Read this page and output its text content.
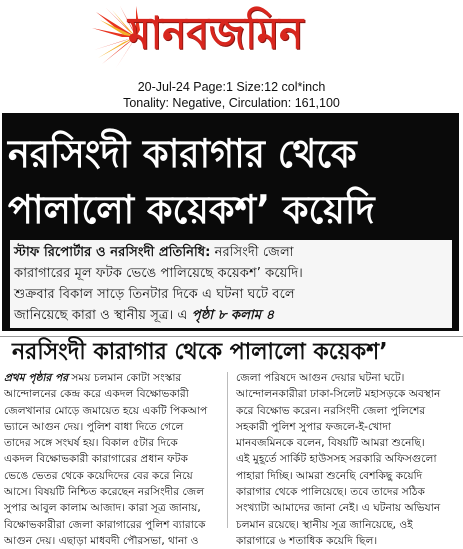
মানবজমিন
20-Jul-24 Page:1 Size:12 col*inch
Tonality: Negative, Circulation: 161,100
নরসিংদী কারাগার থেকে
পালালো কয়েকশ’ কয়েদি
স্টাফ রিপোর্টার ও নরসিংদী প্রতিনিধি: নরসিংদী জেলা
কারাগারের মূল ফটক ভেঙে পালিয়েছে কয়েকশ’ কয়েদি।
শুক্রবার বিকাল সাড়ে তিনটার দিকে এ ঘটনা ঘটে বলে
জানিয়েছে কারা ও স্থানীয় সূত্র। এ পৃষ্ঠা ৮ কলাম ৪
নরসিংদী কারাগার থেকে পালালো কয়েকশ’
প্রথম পৃষ্ঠার পর সময় চলমান কোটা সংস্কার
আন্দোলনের কেন্দ্র করে একদল বিক্ষোভকারী
জেলখানার মোড়ে জমায়েত হয়ে একটি পিকআপ
ভ্যানে আগুন দেয়। পুলিশ বাধা দিতে গেলে
তাদের সঙ্গে সংঘর্ষ হয়। বিকাল ৫টার দিকে
একদল বিক্ষোভকারী কারাগারের প্রধান ফটক
ভেঙে ভেতর থেকে কয়েদিদের বের করে নিয়ে
আসে। বিষয়টি নিশ্চিত করেছেন নরসিংদীর জেল
সুপার আবুল কালাম আজাদ। কারা সূত্র জানায়,
বিক্ষোভকারীরা জেলা কারাগারের পুলিশ ব্যারাকে
আগুন দেয়। এছাড়া মাধবদী পৌরসভা, থানা ও
জেলা পরিষদে আগুন দেয়ার ঘটনা ঘটে।
আন্দোলনকারীরা ঢাকা-সিলেট মহাসড়কে অবস্থান
করে বিক্ষোভ করেন। নরসিংদী জেলা পুলিশের
সহকারী পুলিশ সুপার ফজলে-ই-খোদা
মানবজমিনকে বলেন, বিষয়টি আমরা শুনেছি।
এই মুহূর্তে সার্কিট হাউসসহ সরকারি অফিসগুলো
পাহারা দিচ্ছি। আমরা শুনেছি বেশকিছু কয়েদি
কারাগার থেকে পালিয়েছে। তবে তাদের সঠিক
সংখ্যাটা আমাদের জানা নেই। এ ঘটনায় অভিযান
চলমান রয়েছে। স্থানীয় সূত্র জানিয়েছে, ওই
কারাগারে ৬ শতাধিক কয়েদি ছিল।
